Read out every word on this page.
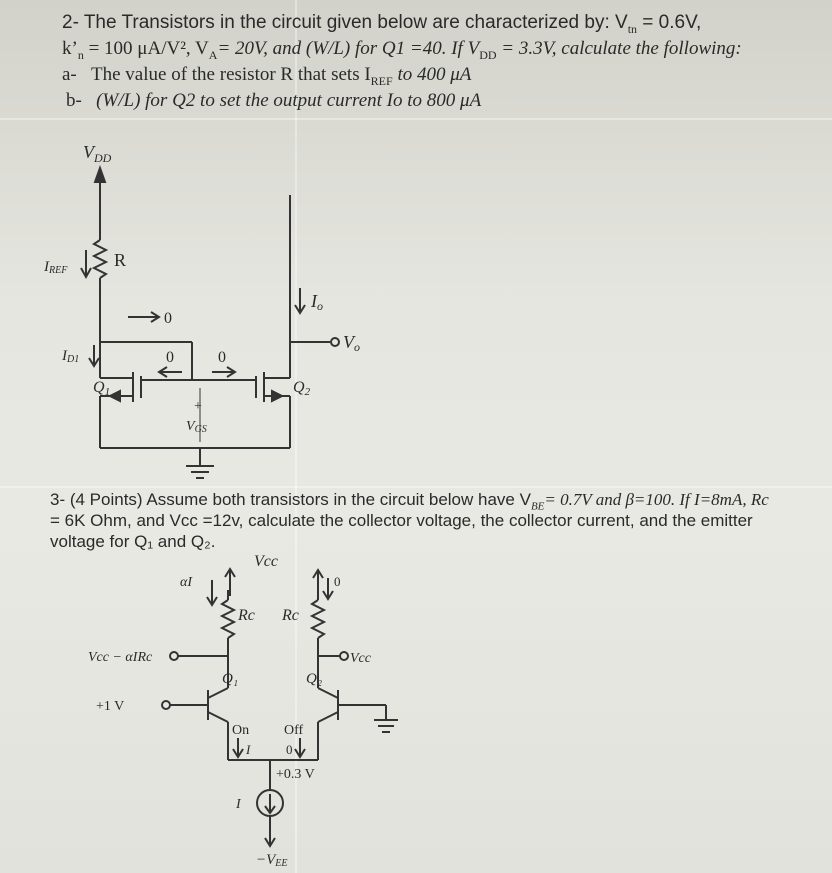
2- The Transistors in the circuit given below are characterized by: $V_{tn} = 0.6V$,
$k’_n = 100$ μA/V², $V_A= 20V$, and (W/L) for Q1 =40. If $V_{DD} = 3.3V$, calculate the following:
a- The value of the resistor R that sets $I_{REF}$ to 400 μA
b- (W/L) for Q2 to set the output current Io to 800 μA
$V_{DD}$
IREF
R
0
ID1	0	0
Q1	Q2
+
VGS
Io
Vo
Vcc
αI	0
Rc Rc
Vcc − αIRc	Vcc
+1 V
Q₁	Q₂
On Off
I	0
+0.3 V
I
−VEE
3- (4 Points) Assume both transistors in the circuit below have $V_{BE}= 0.7V$ and β=100. If I=8mA, Rc
= 6K Ohm, and Vcc =12v, calculate the collector voltage, the collector current, and the emitter
voltage for Q₁ and Q₂.
